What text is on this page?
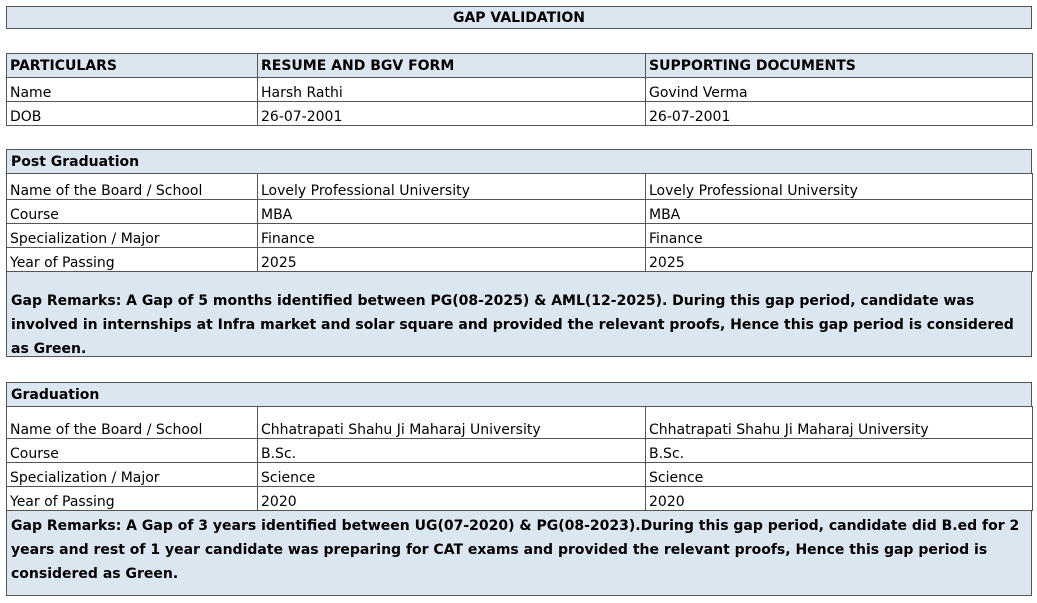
GAP VALIDATION
PARTICULARS	RESUME AND BGV FORM	SUPPORTING DOCUMENTS
Name	Harsh Rathi	Govind Verma
DOB	26-07-2001	26-07-2001
Post Graduation
Name of the Board / School	Lovely Professional University	Lovely Professional University
Course	MBA	MBA
Specialization / Major	Finance	Finance
Year of Passing	2025	2025
Gap Remarks: A Gap of 5 months identified between PG(08-2025) & AML(12-2025). During this gap period, candidate was involved in internships at Infra market and solar square and provided the relevant proofs, Hence this gap period is considered as Green.
Graduation
Name of the Board / School	Chhatrapati Shahu Ji Maharaj University	Chhatrapati Shahu Ji Maharaj University
Course	B.Sc.	B.Sc.
Specialization / Major	Science	Science
Year of Passing	2020	2020
Gap Remarks: A Gap of 3 years identified between UG(07-2020) & PG(08-2023).During this gap period, candidate did B.ed for 2 years and rest of 1 year candidate was preparing for CAT exams and provided the relevant proofs, Hence this gap period is considered as Green.
